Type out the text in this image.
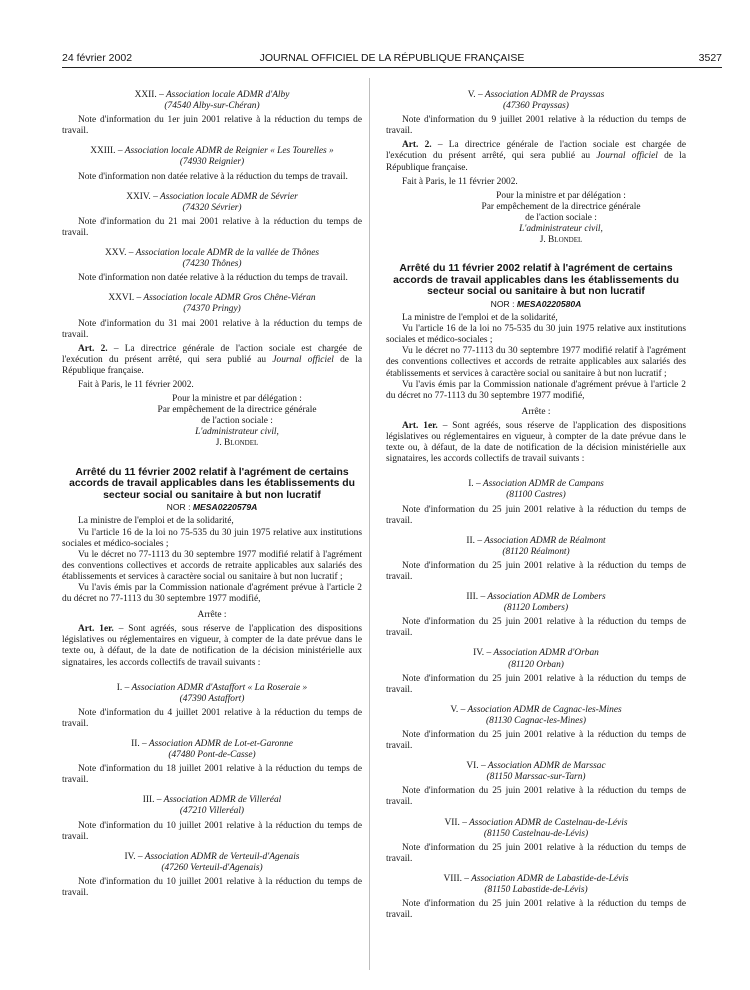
24 février 2002	JOURNAL OFFICIEL DE LA RÉPUBLIQUE FRANÇAISE	3527

XXII. – Association locale ADMR d'Alby

(74540 Alby-sur-Chéran)

Note d'information du 1er juin 2001 relative à la réduction du temps de travail.

XXIII. – Association locale ADMR de Reignier « Les Tourelles »

(74930 Reignier)

Note d'information non datée relative à la réduction du temps de travail.

XXIV. – Association locale ADMR de Sévrier

(74320 Sévrier)

Note d'information du 21 mai 2001 relative à la réduction du temps de travail.

XXV. – Association locale ADMR de la vallée de Thônes

(74230 Thônes)

Note d'information non datée relative à la réduction du temps de travail.

XXVI. – Association locale ADMR Gros Chêne-Viéran

(74370 Pringy)

Note d'information du 31 mai 2001 relative à la réduction du temps de travail.

Art. 2. – La directrice générale de l'action sociale est chargée de l'exécution du présent arrêté, qui sera publié au Journal officiel de la République française.

Fait à Paris, le 11 février 2002.

Pour la ministre et par délégation :

Par empêchement de la directrice générale

de l'action sociale :

L'administrateur civil,

J. Blondel

Arrêté du 11 février 2002 relatif à l'agrément de certains accords de travail applicables dans les établissements du secteur social ou sanitaire à but non lucratif

NOR : MESA0220579A

La ministre de l'emploi et de la solidarité,

Vu l'article 16 de la loi no 75-535 du 30 juin 1975 relative aux institutions sociales et médico-sociales ;

Vu le décret no 77-1113 du 30 septembre 1977 modifié relatif à l'agrément des conventions collectives et accords de retraite applicables aux salariés des établissements et services à caractère social ou sanitaire à but non lucratif ;

Vu l'avis émis par la Commission nationale d'agrément prévue à l'article 2 du décret no 77-1113 du 30 septembre 1977 modifié,

Arrête :

Art. 1er. – Sont agréés, sous réserve de l'application des dispositions législatives ou réglementaires en vigueur, à compter de la date prévue dans le texte ou, à défaut, de la date de notification de la décision ministérielle aux signataires, les accords collectifs de travail suivants :

I. – Association ADMR d'Astaffort « La Roseraie »

(47390 Astaffort)

Note d'information du 4 juillet 2001 relative à la réduction du temps de travail.

II. – Association ADMR de Lot-et-Garonne

(47480 Pont-de-Casse)

Note d'information du 18 juillet 2001 relative à la réduction du temps de travail.

III. – Association ADMR de Villeréal

(47210 Villeréal)

Note d'information du 10 juillet 2001 relative à la réduction du temps de travail.

IV. – Association ADMR de Verteuil-d'Agenais

(47260 Verteuil-d'Agenais)

Note d'information du 10 juillet 2001 relative à la réduction du temps de travail.

V. – Association ADMR de Prayssas

(47360 Prayssas)

Note d'information du 9 juillet 2001 relative à la réduction du temps de travail.

Art. 2. – La directrice générale de l'action sociale est chargée de l'exécution du présent arrêté, qui sera publié au Journal officiel de la République française.

Fait à Paris, le 11 février 2002.

Pour la ministre et par délégation :

Par empêchement de la directrice générale

de l'action sociale :

L'administrateur civil,

J. Blondel

Arrêté du 11 février 2002 relatif à l'agrément de certains accords de travail applicables dans les établissements du secteur social ou sanitaire à but non lucratif

NOR : MESA0220580A

La ministre de l'emploi et de la solidarité,

Vu l'article 16 de la loi no 75-535 du 30 juin 1975 relative aux institutions sociales et médico-sociales ;

Vu le décret no 77-1113 du 30 septembre 1977 modifié relatif à l'agrément des conventions collectives et accords de retraite applicables aux salariés des établissements et services à caractère social ou sanitaire à but non lucratif ;

Vu l'avis émis par la Commission nationale d'agrément prévue à l'article 2 du décret no 77-1113 du 30 septembre 1977 modifié,

Arrête :

Art. 1er. – Sont agréés, sous réserve de l'application des dispositions législatives ou réglementaires en vigueur, à compter de la date prévue dans le texte ou, à défaut, de la date de notification de la décision ministérielle aux signataires, les accords collectifs de travail suivants :

I. – Association ADMR de Campans

(81100 Castres)

Note d'information du 25 juin 2001 relative à la réduction du temps de travail.

II. – Association ADMR de Réalmont

(81120 Réalmont)

Note d'information du 25 juin 2001 relative à la réduction du temps de travail.

III. – Association ADMR de Lombers

(81120 Lombers)

Note d'information du 25 juin 2001 relative à la réduction du temps de travail.

IV. – Association ADMR d'Orban

(81120 Orban)

Note d'information du 25 juin 2001 relative à la réduction du temps de travail.

V. – Association ADMR de Cagnac-les-Mines

(81130 Cagnac-les-Mines)

Note d'information du 25 juin 2001 relative à la réduction du temps de travail.

VI. – Association ADMR de Marssac

(81150 Marssac-sur-Tarn)

Note d'information du 25 juin 2001 relative à la réduction du temps de travail.

VII. – Association ADMR de Castelnau-de-Lévis

(81150 Castelnau-de-Lévis)

Note d'information du 25 juin 2001 relative à la réduction du temps de travail.

VIII. – Association ADMR de Labastide-de-Lévis

(81150 Labastide-de-Lévis)

Note d'information du 25 juin 2001 relative à la réduction du temps de travail.
